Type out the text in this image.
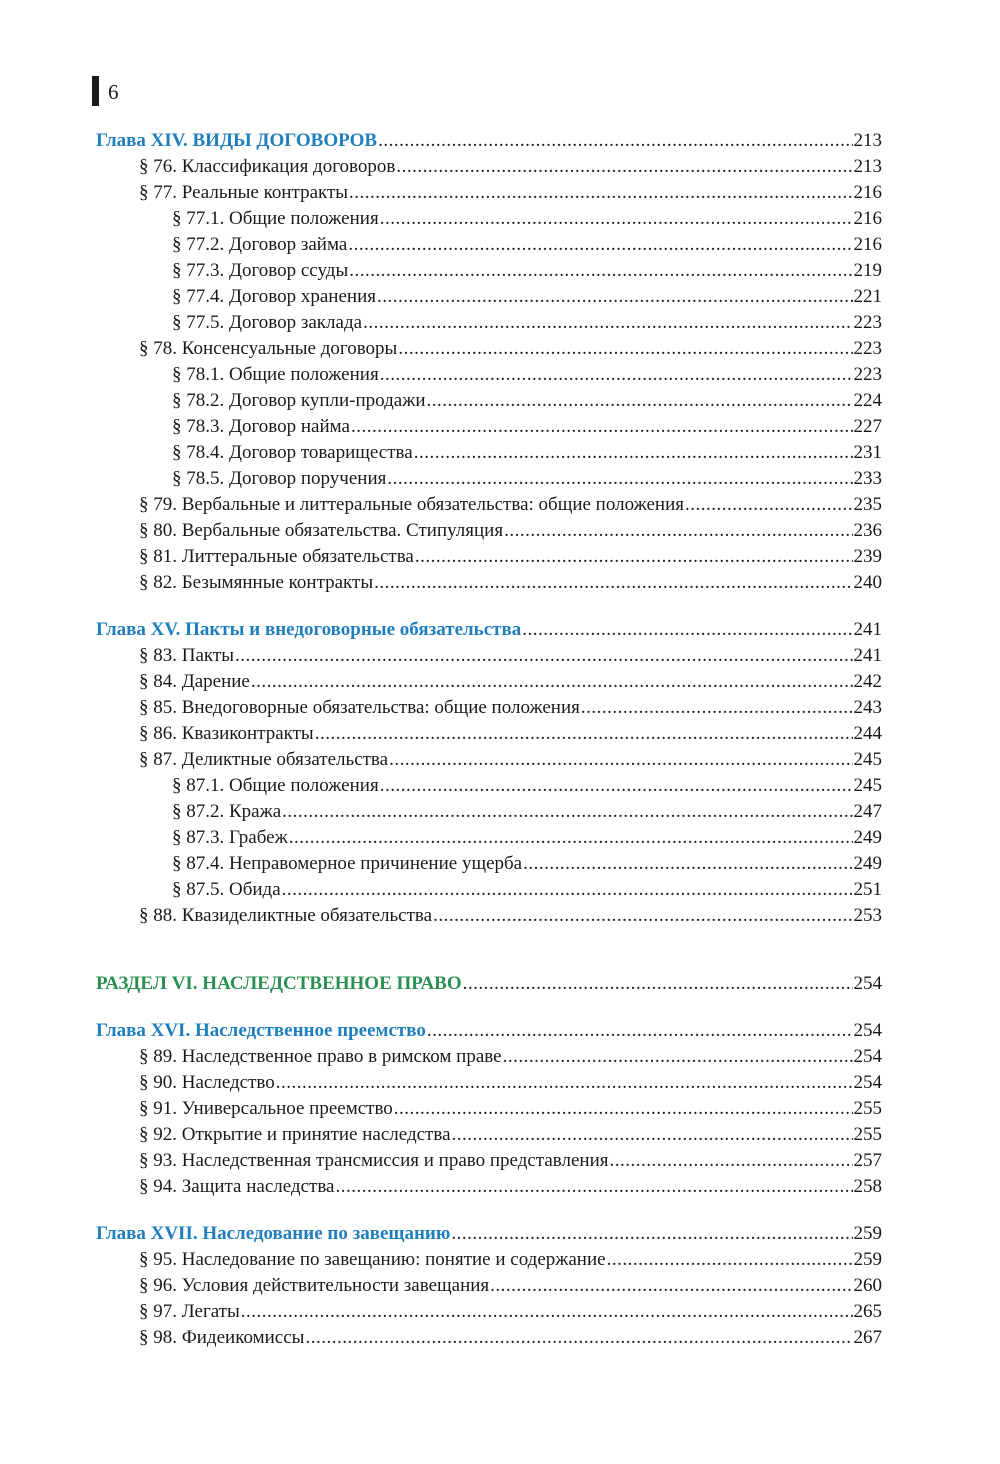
6
Глава XIV. ВИДЫ ДОГОВОРОВ .....	213
§ 76. Классификация договоров .....	213
§ 77. Реальные контракты .....	216
§ 77.1. Общие положения .....	216
§ 77.2. Договор займа .....	216
§ 77.3. Договор ссуды .....	219
§ 77.4. Договор хранения .....	221
§ 77.5. Договор заклада .....	223
§ 78. Консенсуальные договоры .....	223
§ 78.1. Общие положения .....	223
§ 78.2. Договор купли-продажи .....	224
§ 78.3. Договор найма .....	227
§ 78.4. Договор товарищества .....	231
§ 78.5. Договор поручения .....	233
§ 79. Вербальные и литтеральные обязательства: общие положения .....	235
§ 80. Вербальные обязательства. Стипуляция .....	236
§ 81. Литтеральные обязательства .....	239
§ 82. Безымянные контракты .....	240
Глава XV. Пакты и внедоговорные обязательства .....	241
§ 83. Пакты .....	241
§ 84. Дарение .....	242
§ 85. Внедоговорные обязательства: общие положения .....	243
§ 86. Квазиконтракты .....	244
§ 87. Деликтные обязательства .....	245
§ 87.1. Общие положения .....	245
§ 87.2. Кража .....	247
§ 87.3. Грабеж .....	249
§ 87.4. Неправомерное причинение ущерба .....	249
§ 87.5. Обида .....	251
§ 88. Квазиделиктные обязательства .....	253
РАЗДЕЛ VI. НАСЛЕДСТВЕННОЕ ПРАВО .....	254
Глава XVI. Наследственное преемство .....	254
§ 89. Наследственное право в римском праве .....	254
§ 90. Наследство .....	254
§ 91. Универсальное преемство .....	255
§ 92. Открытие и принятие наследства .....	255
§ 93. Наследственная трансмиссия и право представления .....	257
§ 94. Защита наследства .....	258
Глава XVII. Наследование по завещанию .....	259
§ 95. Наследование по завещанию: понятие и содержание .....	259
§ 96. Условия действительности завещания .....	260
§ 97. Легаты .....	265
§ 98. Фидеикомиссы .....	267
